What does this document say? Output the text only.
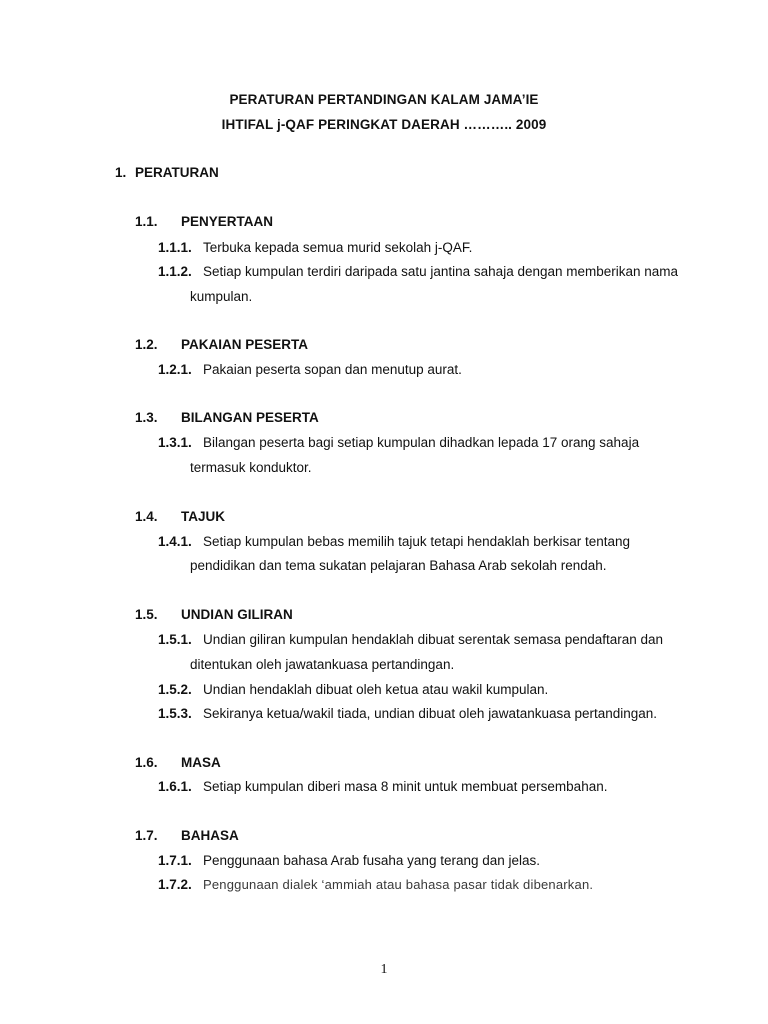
PERATURAN PERTANDINGAN KALAM JAMA’IE
IHTIFAL j-QAF PERINGKAT DAERAH ……….. 2009
1. PERATURAN
1.1. PENYERTAAN
1.1.1. Terbuka kepada semua murid sekolah j-QAF.
1.1.2. Setiap kumpulan terdiri daripada satu jantina sahaja dengan memberikan nama
kumpulan.
1.2. PAKAIAN PESERTA
1.2.1. Pakaian peserta sopan dan menutup aurat.
1.3. BILANGAN PESERTA
1.3.1. Bilangan peserta bagi setiap kumpulan dihadkan lepada 17 orang sahaja
termasuk konduktor.
1.4. TAJUK
1.4.1. Setiap kumpulan bebas memilih tajuk tetapi hendaklah berkisar tentang
pendidikan dan tema sukatan pelajaran Bahasa Arab sekolah rendah.
1.5. UNDIAN GILIRAN
1.5.1. Undian giliran kumpulan hendaklah dibuat serentak semasa pendaftaran dan
ditentukan oleh jawatankuasa pertandingan.
1.5.2. Undian hendaklah dibuat oleh ketua atau wakil kumpulan.
1.5.3. Sekiranya ketua/wakil tiada, undian dibuat oleh jawatankuasa pertandingan.
1.6. MASA
1.6.1. Setiap kumpulan diberi masa 8 minit untuk membuat persembahan.
1.7. BAHASA
1.7.1. Penggunaan bahasa Arab fusaha yang terang dan jelas.
1.7.2. Penggunaan dialek ‘ammiah atau bahasa pasar tidak dibenarkan.
1
